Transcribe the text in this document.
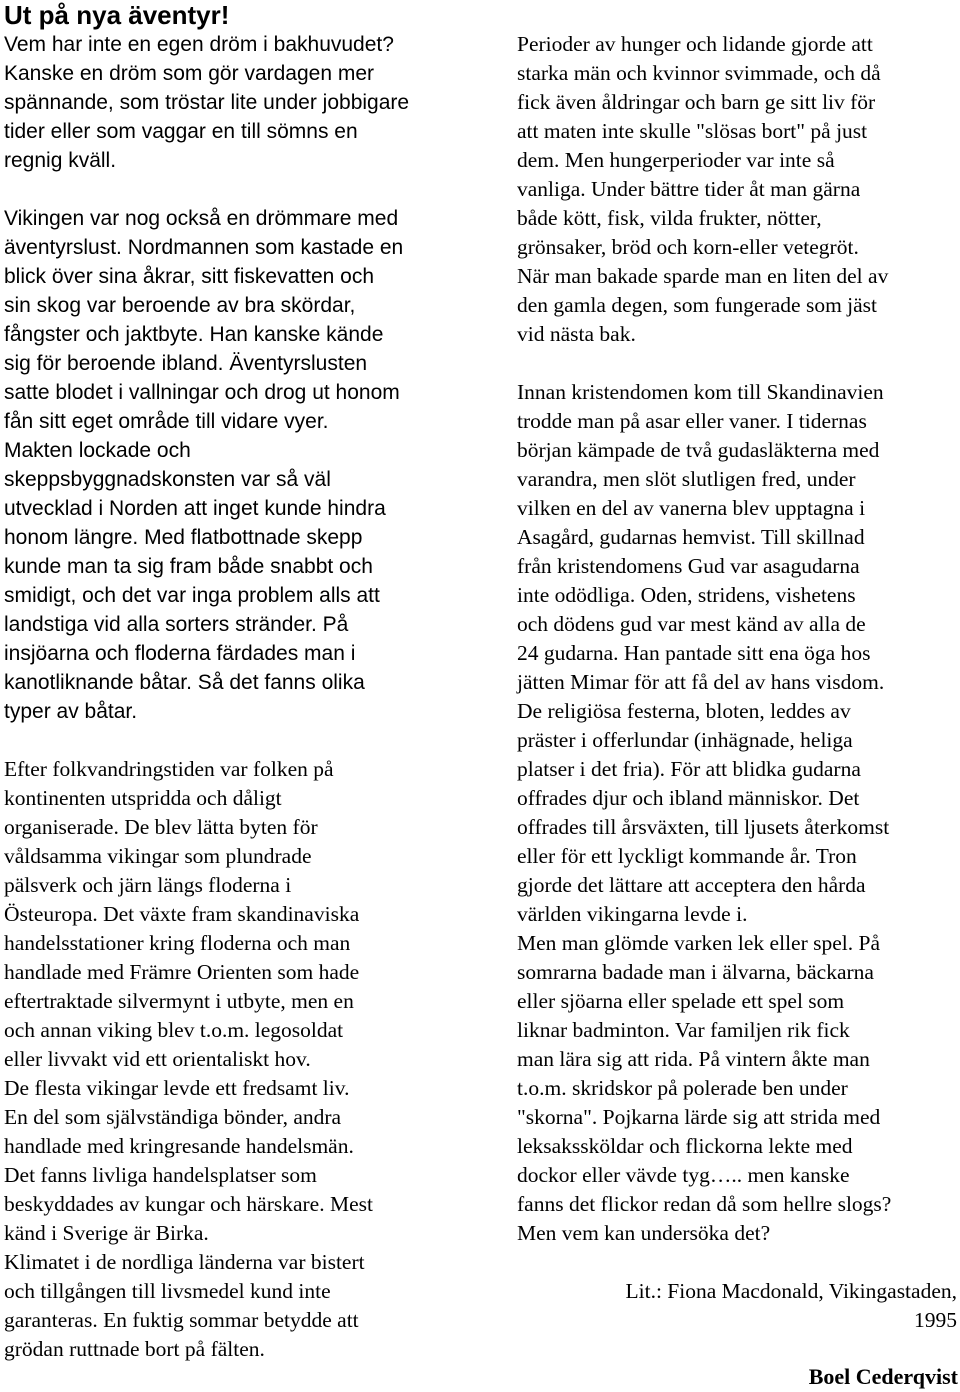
Ut på nya äventyr!
Vem har inte en egen dröm i bakhuvudet?
Kanske en dröm som gör vardagen mer
spännande, som tröstar lite under jobbigare
tider eller som vaggar en till sömns en
regnig kväll.
Vikingen var nog också en drömmare med
äventyrslust. Nordmannen som kastade en
blick över sina åkrar, sitt fiskevatten och
sin skog var beroende av bra skördar,
fångster och jaktbyte. Han kanske kände
sig för beroende ibland. Äventyrslusten
satte blodet i vallningar och drog ut honom
fån sitt eget område till vidare vyer.
Makten lockade och
skeppsbyggnadskonsten var så väl
utvecklad i Norden att inget kunde hindra
honom längre. Med flatbottnade skepp
kunde man ta sig fram både snabbt och
smidigt, och det var inga problem alls att
landstiga vid alla sorters stränder. På
insjöarna och floderna färdades man i
kanotliknande båtar. Så det fanns olika
typer av båtar.
Efter folkvandringstiden var folken på
kontinenten utspridda och dåligt
organiserade. De blev lätta byten för
våldsamma vikingar som plundrade
pälsverk och järn längs floderna i
Östeuropa. Det växte fram skandinaviska
handelsstationer kring floderna och man
handlade med Främre Orienten som hade
eftertraktade silvermynt i utbyte, men en
och annan viking blev t.o.m. legosoldat
eller livvakt vid ett orientaliskt hov.
De flesta vikingar levde ett fredsamt liv.
En del som självständiga bönder, andra
handlade med kringresande handelsmän.
Det fanns livliga handelsplatser som
beskyddades av kungar och härskare. Mest
känd i Sverige är Birka.
Klimatet i de nordliga länderna var bistert
och tillgången till livsmedel kund inte
garanteras. En fuktig sommar betydde att
grödan ruttnade bort på fälten.
Perioder av hunger och lidande gjorde att
starka män och kvinnor svimmade, och då
fick även åldringar och barn ge sitt liv för
att maten inte skulle "slösas bort" på just
dem. Men hungerperioder var inte så
vanliga. Under bättre tider åt man gärna
både kött, fisk, vilda frukter, nötter,
grönsaker, bröd och korn-eller vetegröt.
När man bakade sparde man en liten del av
den gamla degen, som fungerade som jäst
vid nästa bak.
Innan kristendomen kom till Skandinavien
trodde man på asar eller vaner. I tidernas
början kämpade de två gudasläkterna med
varandra, men slöt slutligen fred, under
vilken en del av vanerna blev upptagna i
Asagård, gudarnas hemvist. Till skillnad
från kristendomens Gud var asagudarna
inte odödliga. Oden, stridens, vishetens
och dödens gud var mest känd av alla de
24 gudarna. Han pantade sitt ena öga hos
jätten Mimar för att få del av hans visdom.
De religiösa festerna, bloten, leddes av
präster i offerlundar (inhägnade, heliga
platser i det fria). För att blidka gudarna
offrades djur och ibland människor. Det
offrades till årsväxten, till ljusets återkomst
eller för ett lyckligt kommande år. Tron
gjorde det lättare att acceptera den hårda
världen vikingarna levde i.
Men man glömde varken lek eller spel. På
somrarna badade man i älvarna, bäckarna
eller sjöarna eller spelade ett spel som
liknar badminton. Var familjen rik fick
man lära sig att rida. På vintern åkte man
t.o.m. skridskor på polerade ben under
"skorna". Pojkarna lärde sig att strida med
leksakssköldar och flickorna lekte med
dockor eller vävde tyg….. men kanske
fanns det flickor redan då som hellre slogs?
Men vem kan undersöka det?
Lit.: Fiona Macdonald, Vikingastaden,
1995
Boel Cederqvist
